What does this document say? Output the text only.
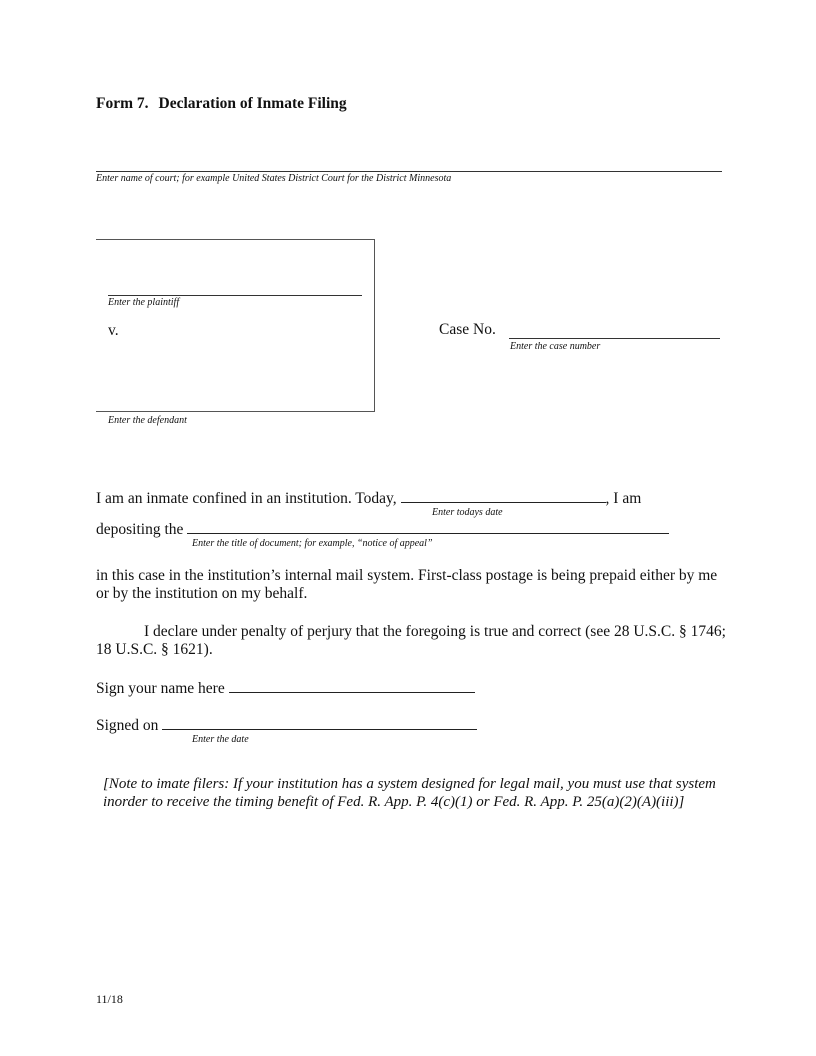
Form 7. Declaration of Inmate Filing
Enter name of court; for example United States District Court for the District Minnesota
Enter the plaintiff
v.
Enter the defendant
Case No.
Enter the case number
I am an inmate confined in an institution. Today,	, I am
Enter todays date
depositing the
Enter the title of document; for example, “notice of appeal”
in this case in the institution’s internal mail system. First-class postage is being prepaid either by me or by the institution on my behalf.
I declare under penalty of perjury that the foregoing is true and correct (see 28 U.S.C. § 1746; 18 U.S.C. § 1621).
Sign your name here
Signed on
Enter the date
[Note to imate filers: If your institution has a system designed for legal mail, you must use that system inorder to receive the timing benefit of Fed. R. App. P. 4(c)(1) or Fed. R. App. P. 25(a)(2)(A)(iii)]
11/18
